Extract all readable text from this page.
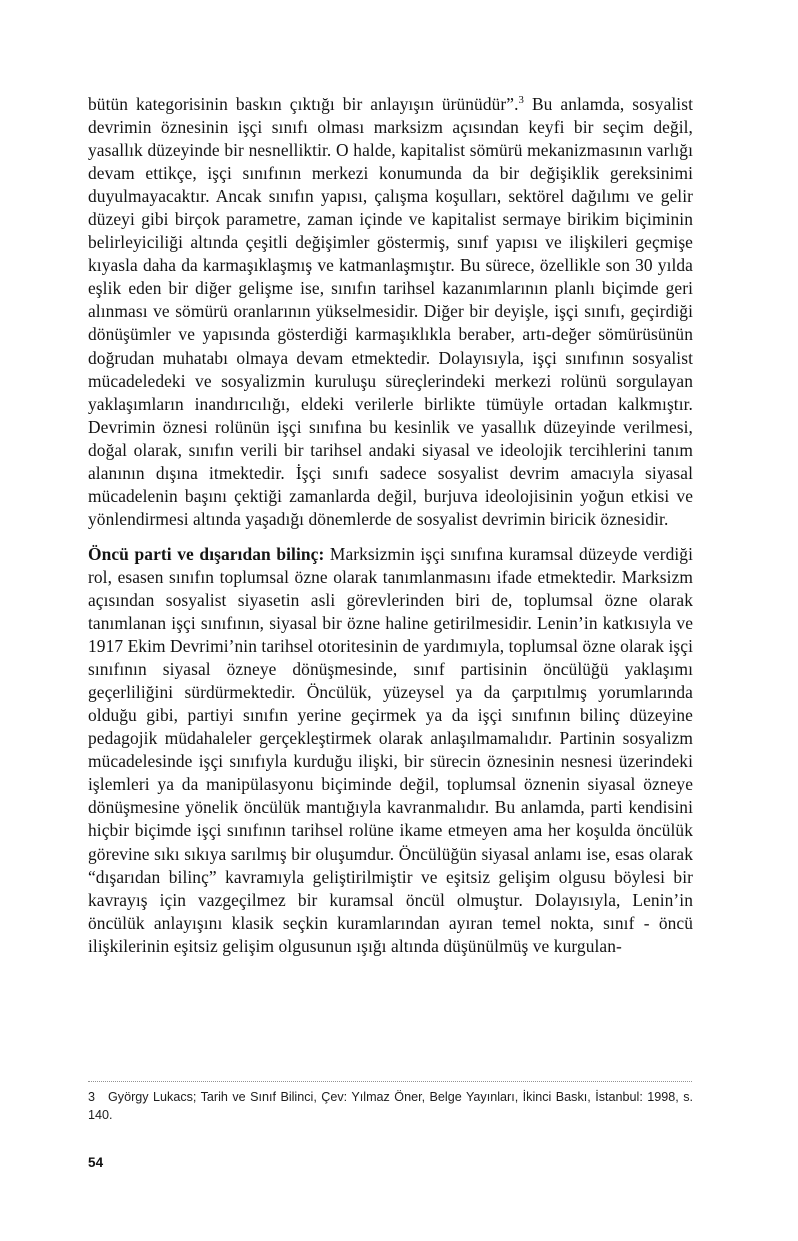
bütün kategorisinin baskın çıktığı bir anlayışın ürünüdür”.$^3$ Bu anlamda, sosyalist devrimin öznesinin işçi sınıfı olması marksizm açısından keyfi bir seçim değil, yasallık düzeyinde bir nesnelliktir. O halde, kapitalist sömürü mekanizmasının varlığı devam ettikçe, işçi sınıfının merkezi konumunda da bir değişiklik gereksinimi duyulmayacaktır. Ancak sınıfın yapısı, çalışma koşulları, sektörel dağılımı ve gelir düzeyi gibi birçok parametre, zaman içinde ve kapitalist sermaye birikim biçiminin belirleyiciliği altında çeşitli değişimler göstermiş, sınıf yapısı ve ilişkileri geçmişe kıyasla daha da karmaşıklaşmış ve katmanlaşmıştır. Bu sürece, özellikle son 30 yılda eşlik eden bir diğer gelişme ise, sınıfın tarihsel kazanımlarının planlı biçimde geri alınması ve sömürü oranlarının yükselmesidir. Diğer bir deyişle, işçi sınıfı, geçirdiği dönüşümler ve yapısında gösterdiği karmaşıklıkla beraber, artı-değer sömürüsünün doğrudan muhatabı olmaya devam etmektedir. Dolayısıyla, işçi sınıfının sosyalist mücadeledeki ve sosyalizmin kuruluşu süreçlerindeki merkezi rolünü sorgulayan yaklaşımların inandırıcılığı, eldeki verilerle birlikte tümüyle ortadan kalkmıştır. Devrimin öznesi rolünün işçi sınıfına bu kesinlik ve yasallık düzeyinde verilmesi, doğal olarak, sınıfın verili bir tarihsel andaki siyasal ve ideolojik tercihlerini tanım alanının dışına itmektedir. İşçi sınıfı sadece sosyalist devrim amacıyla siyasal mücadelenin başını çektiği zamanlarda değil, burjuva ideolojisinin yoğun etkisi ve yönlendirmesi altında yaşadığı dönemlerde de sosyalist devrimin biricik öznesidir.

Öncü parti ve dışarıdan bilinç: Marksizmin işçi sınıfına kuramsal düzeyde verdiği rol, esasen sınıfın toplumsal özne olarak tanımlanmasını ifade etmektedir. Marksizm açısından sosyalist siyasetin asli görevlerinden biri de, toplumsal özne olarak tanımlanan işçi sınıfının, siyasal bir özne haline getirilmesidir. Lenin’in katkısıyla ve 1917 Ekim Devrimi’nin tarihsel otoritesinin de yardımıyla, toplumsal özne olarak işçi sınıfının siyasal özneye dönüşmesinde, sınıf partisinin öncülüğü yaklaşımı geçerliliğini sürdürmektedir. Öncülük, yüzeysel ya da çarpıtılmış yorumlarında olduğu gibi, partiyi sınıfın yerine geçirmek ya da işçi sınıfının bilinç düzeyine pedagojik müdahaleler gerçekleştirmek olarak anlaşılmamalıdır. Partinin sosyalizm mücadelesinde işçi sınıfıyla kurduğu ilişki, bir sürecin öznesinin nesnesi üzerindeki işlemleri ya da manipülasyonu biçiminde değil, toplumsal öznenin siyasal özneye dönüşmesine yönelik öncülük mantığıyla kavranmalıdır. Bu anlamda, parti kendisini hiçbir biçimde işçi sınıfının tarihsel rolüne ikame etmeyen ama her koşulda öncülük görevine sıkı sıkıya sarılmış bir oluşumdur. Öncülüğün siyasal anlamı ise, esas olarak “dışarıdan bilinç” kavramıyla geliştirilmiştir ve eşitsiz gelişim olgusu böylesi bir kavrayış için vazgeçilmez bir kuramsal öncül olmuştur. Dolayısıyla, Lenin’in öncülük anlayışını klasik seçkin kuramlarından ayıran temel nokta, sınıf - öncü ilişkilerinin eşitsiz gelişim olgusunun ışığı altında düşünülmüş ve kurgulan-

3 György Lukacs; Tarih ve Sınıf Bilinci, Çev: Yılmaz Öner, Belge Yayınları, İkinci Baskı, İstanbul: 1998, s. 140.

54
